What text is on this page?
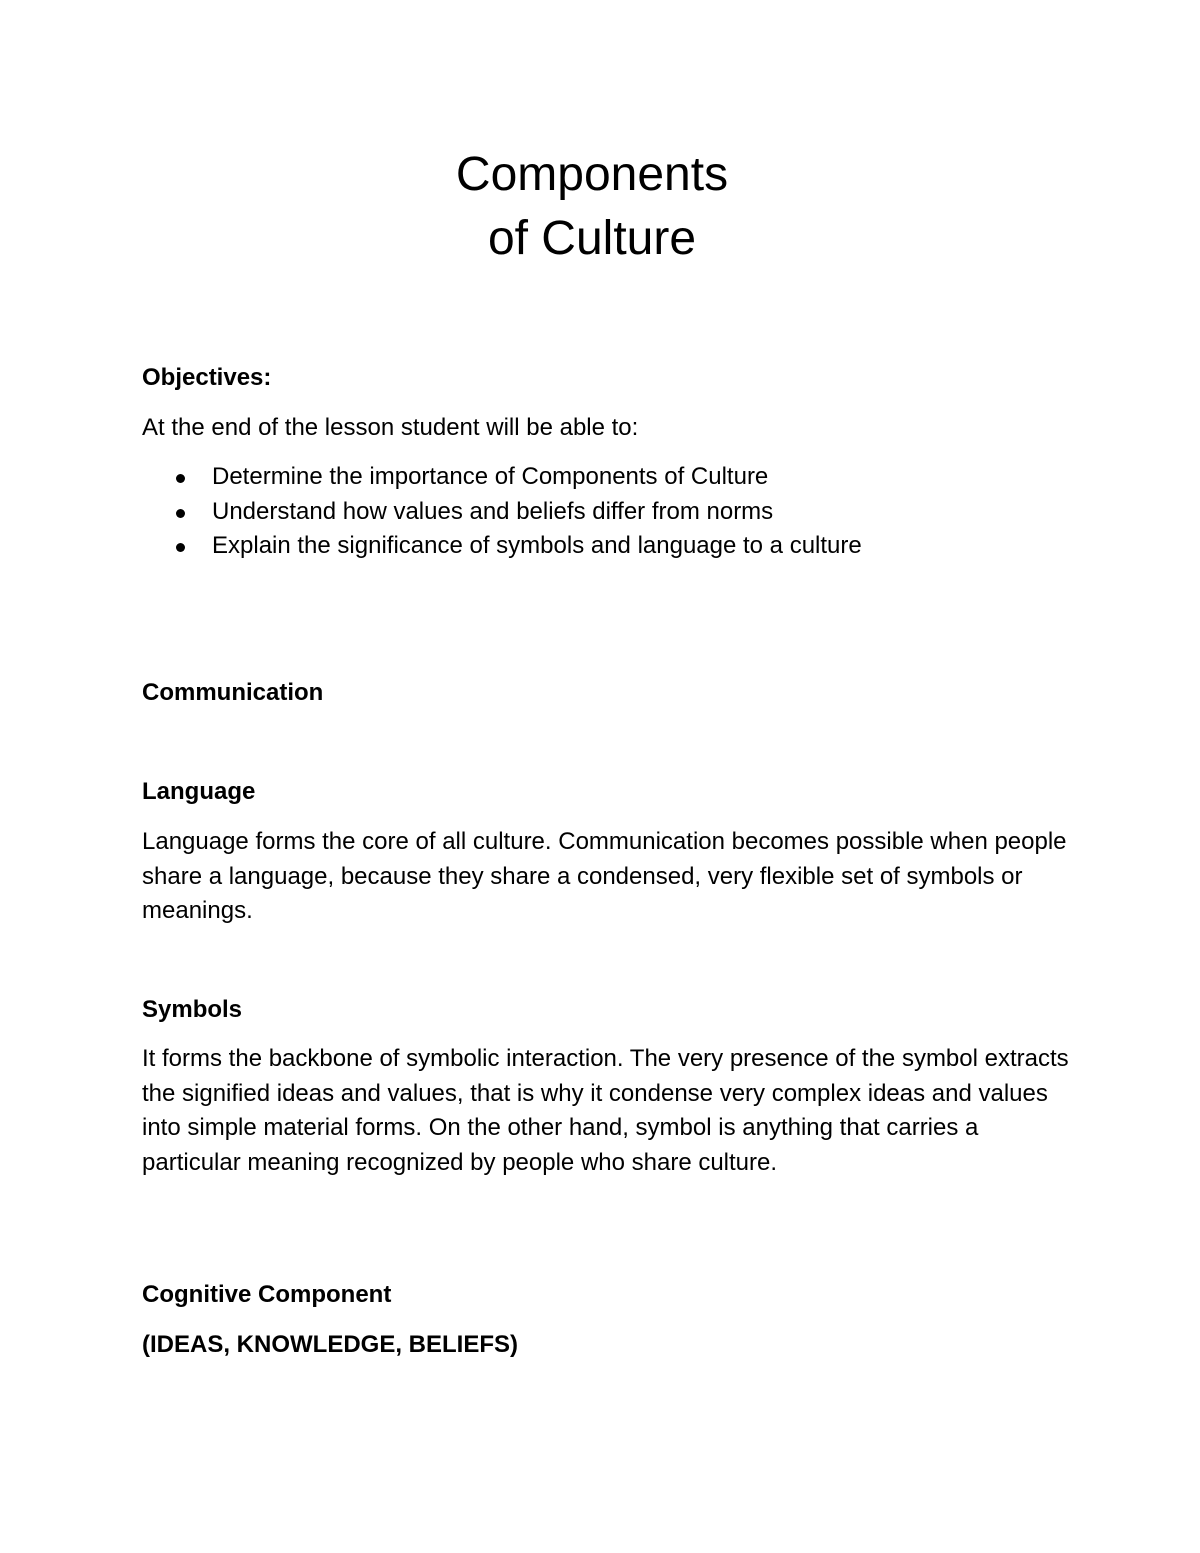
Components
of Culture

Objectives:

At the end of the lesson student will be able to:

Determine the importance of Components of Culture
Understand how values and beliefs differ from norms
Explain the significance of symbols and language to a culture

Communication

Language

Language forms the core of all culture. Communication becomes possible when people share a language, because they share a condensed, very flexible set of symbols or meanings.

Symbols

It forms the backbone of symbolic interaction. The very presence of the symbol extracts the signified ideas and values, that is why it condense very complex ideas and values into simple material forms. On the other hand, symbol is anything that carries a particular meaning recognized by people who share culture.

Cognitive Component

(IDEAS, KNOWLEDGE, BELIEFS)
